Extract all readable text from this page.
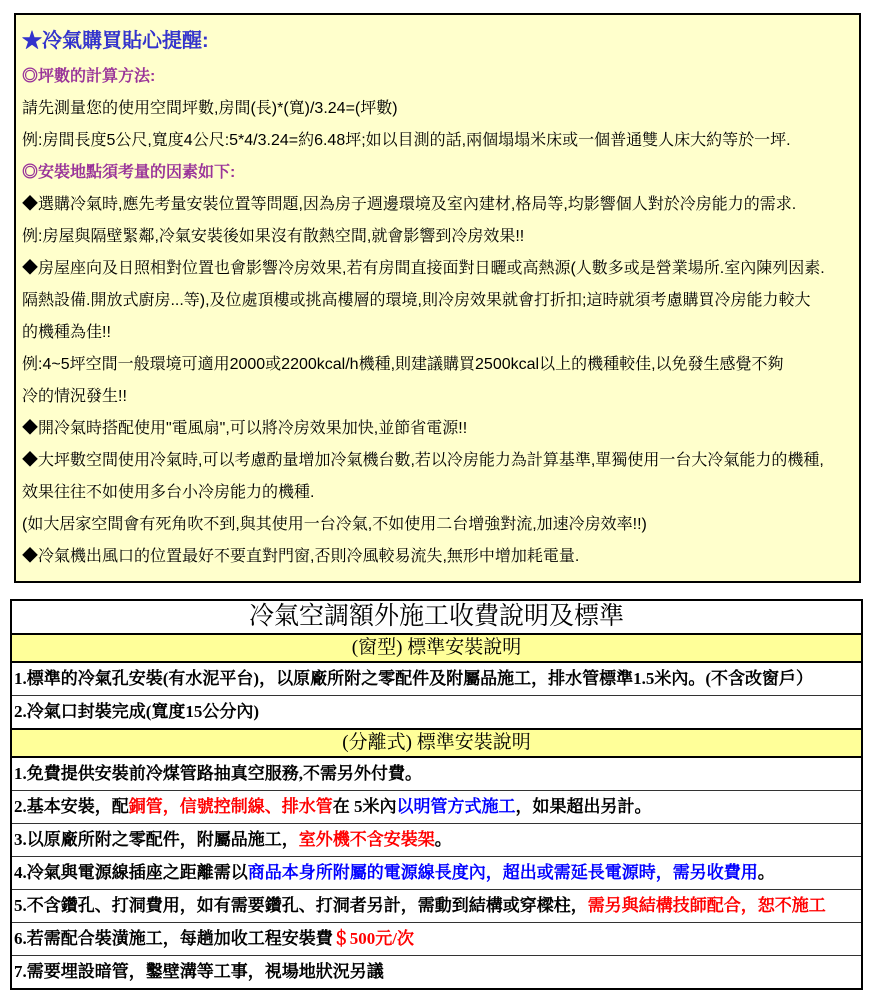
★冷氣購買貼心提醒:
◎坪數的計算方法:
請先測量您的使用空間坪數,房間(長)*(寬)/3.24=(坪數)
例:房間長度5公尺,寬度4公尺:5*4/3.24=約6.48坪;如以目測的話,兩個塌塌米床或一個普通雙人床大約等於一坪.
◎安裝地點須考量的因素如下:
◆選購冷氣時,應先考量安裝位置等問題,因為房子週邊環境及室內建材,格局等,均影響個人對於冷房能力的需求.
例:房屋與隔壁緊鄰,冷氣安裝後如果沒有散熱空間,就會影響到冷房效果!!
◆房屋座向及日照相對位置也會影響冷房效果,若有房間直接面對日曬或高熱源(人數多或是營業場所.室內陳列因素.
隔熱設備.開放式廚房...等),及位處頂樓或挑高樓層的環境,則冷房效果就會打折扣;這時就須考慮購買冷房能力較大
的機種為佳!!
例:4~5坪空間一般環境可適用2000或2200kcal/h機種,則建議購買2500kcal以上的機種較佳,以免發生感覺不夠
冷的情況發生!!
◆開冷氣時搭配使用"電風扇",可以將冷房效果加快,並節省電源!!
◆大坪數空間使用冷氣時,可以考慮酌量增加冷氣機台數,若以冷房能力為計算基準,單獨使用一台大冷氣能力的機種,
效果往往不如使用多台小冷房能力的機種.
(如大居家空間會有死角吹不到,與其使用一台冷氣,不如使用二台增強對流,加速冷房效率!!)
◆冷氣機出風口的位置最好不要直對門窗,否則冷風較易流失,無形中增加耗電量.
冷氣空調額外施工收費說明及標準
(窗型) 標準安裝說明
1.標準的冷氣孔安裝(有水泥平台)，以原廠所附之零配件及附屬品施工，排水管標準1.5米內。(不含改窗戶）
2.冷氣口封裝完成(寬度15公分內)
(分離式) 標準安裝說明
1.免費提供安裝前冷煤管路抽真空服務,不需另外付費。
2.基本安裝，配銅管，信號控制線、排水管在 5米內以明管方式施工，如果超出另計。
3.以原廠所附之零配件，附屬品施工，室外機不含安裝架。
4.冷氣與電源線插座之距離需以商品本身所附屬的電源線長度內，超出或需延長電源時，需另收費用。
5.不含鑽孔、打洞費用，如有需要鑽孔、打洞者另計，需動到結構或穿樑柱，需另與結構技師配合，恕不施工
6.若需配合裝潢施工，每趟加收工程安裝費＄500元/次
7.需要埋設暗管，鑿壁溝等工事，視場地狀況另議
